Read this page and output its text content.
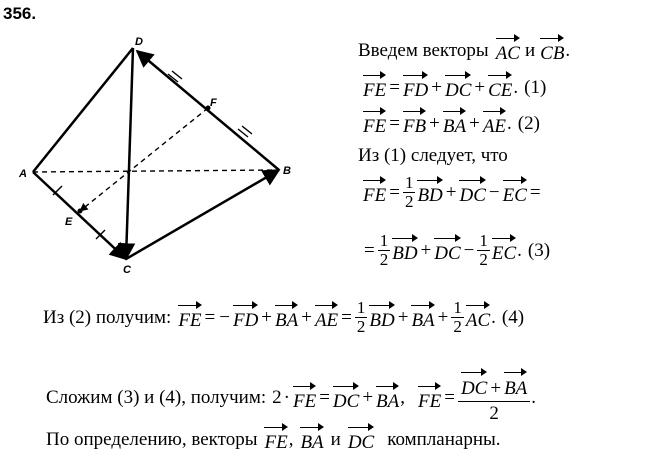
356.
D
F
A	B
E
C
Введем векторы AC и CB .
FE = FD + DC + CE . (1)
FE = FB + BA + AE . (2)
Из (1) следует, что
FE = $\frac{1}{2}$ BD + DC − EC =
= $\frac{1}{2}$ BD + DC − $\frac{1}{2}$ EC . (3)
Из (2) получим: FE = − FD + BA + AE = $\frac{1}{2}$ BD + BA + $\frac{1}{2}$ AC . (4)
Сложим (3) и (4), получим: 2 · FE = DC + BA , FE = $\frac{DC + BA}{2}$ .
По определению, векторы FE , BA и DC компланарны.
